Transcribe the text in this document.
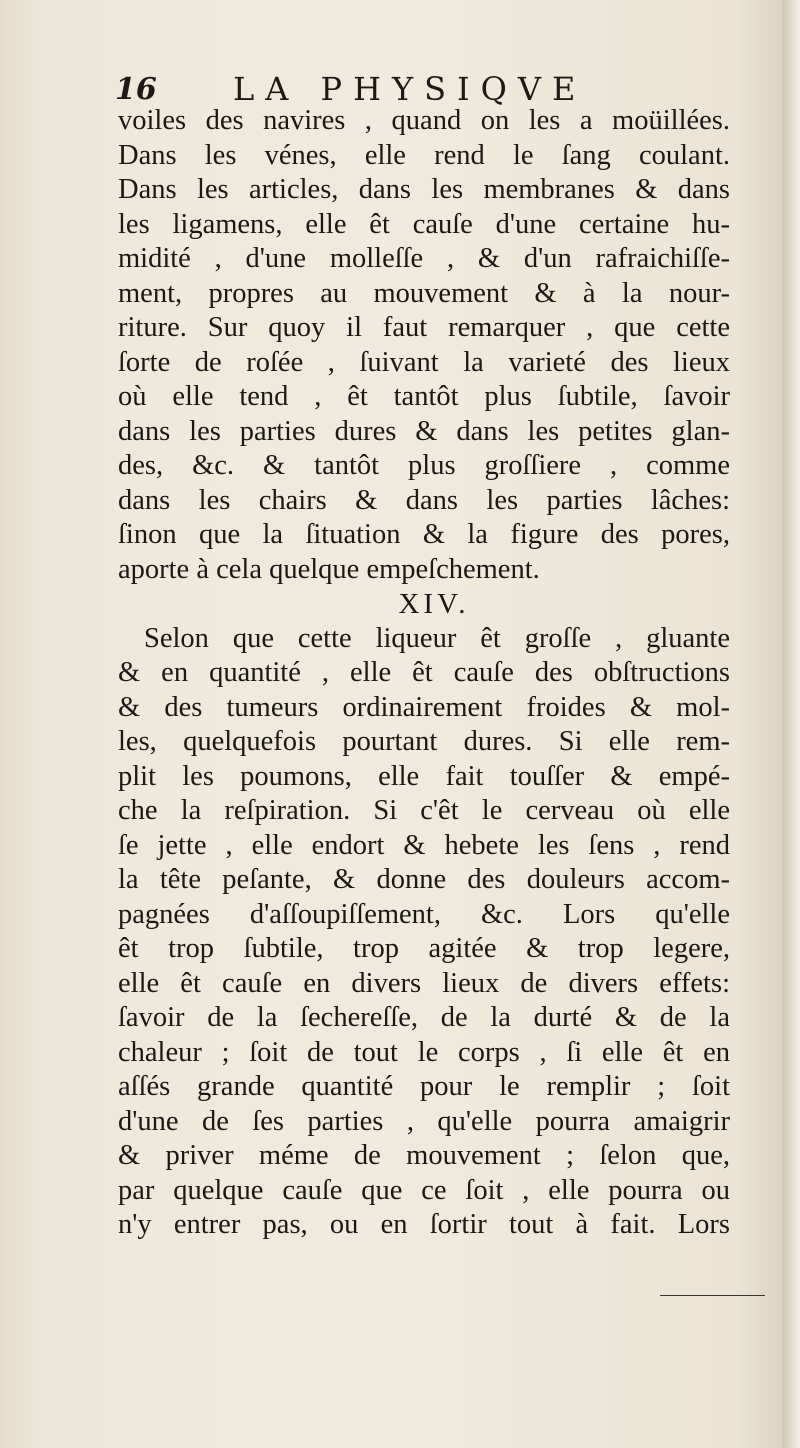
16 LA PHYSIQVE
voiles des navires , quand on les a moüillées.
Dans les vénes, elle rend le ſang coulant.
Dans les articles, dans les membranes & dans
les ligamens, elle êt cauſe d'une certaine hu-
midité , d'une molleſſe , & d'un rafraichiſſe-
ment, propres au mouvement & à la nour-
riture. Sur quoy il faut remarquer , que cette
ſorte de roſée , ſuivant la varieté des lieux
où elle tend , êt tantôt plus ſubtile, ſavoir
dans les parties dures & dans les petites glan-
des, &c. & tantôt plus groſſiere , comme
dans les chairs & dans les parties lâches:
ſinon que la ſituation & la figure des pores,
aporte à cela quelque empeſchement.
XIV.
Selon que cette liqueur êt groſſe , gluante
& en quantité , elle êt cauſe des obſtructions
& des tumeurs ordinairement froides & mol-
les, quelquefois pourtant dures. Si elle rem-
plit les poumons, elle fait touſſer & empé-
che la reſpiration. Si c'êt le cerveau où elle
ſe jette , elle endort & hebete les ſens , rend
la tête peſante, & donne des douleurs accom-
pagnées d'aſſoupiſſement, &c. Lors qu'elle
êt trop ſubtile, trop agitée & trop legere,
elle êt cauſe en divers lieux de divers effets:
ſavoir de la ſechereſſe, de la durté & de la
chaleur ; ſoit de tout le corps , ſi elle êt en
aſſés grande quantité pour le remplir ; ſoit
d'une de ſes parties , qu'elle pourra amaigrir
& priver méme de mouvement ; ſelon que,
par quelque cauſe que ce ſoit , elle pourra ou
n'y entrer pas, ou en ſortir tout à fait. Lors
